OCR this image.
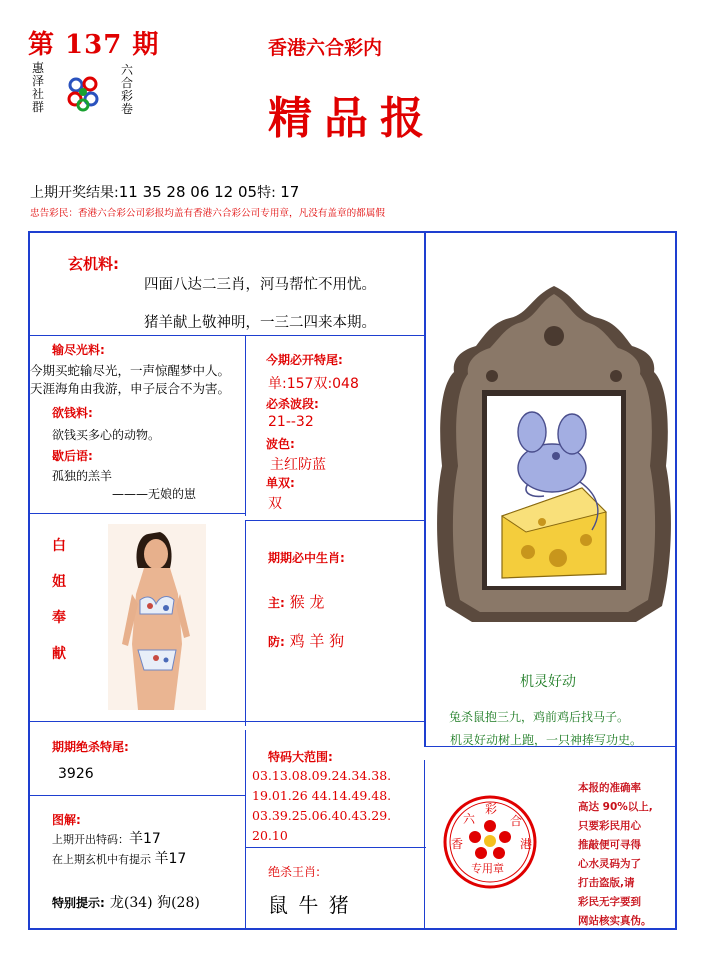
第 137 期
惠泽社群
六合彩卷
香港六合彩内
精品报
上期开奖结果:11 35 28 06 12 05特: 17
忠告彩民：香港六合彩公司彩报均盖有香港六合彩公司专用章，凡没有盖章的都属假
玄机料:
四面八达二三肖，河马帮忙不用忧。
猪羊献上敬神明，一三二四来本期。
输尽光料:
今期买蛇输尽光，一声惊醒梦中人。
天涯海角由我游，申子辰合不为害。
欲钱料:
欲钱买多心的动物。
歇后语:
孤独的羔羊
———无娘的崽
今期必开特尾:
单:157双:048
必杀波段:
21--32
波色:
主红防蓝
单双:
双
白
姐
奉
献
期期必中生肖:
主: 猴 龙
防: 鸡 羊 狗
机灵好动
兔杀鼠抱三九，鸡前鸡后找马子。
机灵好动树上跑，一只神捧写功史。
期期绝杀特尾:
3926
特码大范围:
03.13.08.09.24.34.38.
19.01.26 44.14.49.48.
03.39.25.06.40.43.29.
20.10
图解:
上期开出特码：羊17
在上期玄机中有提示 羊17
特别提示: 龙(34) 狗(28)
绝杀王肖:
鼠 牛 猪
六
彩
合
港
香
专用章
本报的准确率
高达 90%以上,
只要彩民用心
推敲便可寻得
心水灵码为了
打击盗版,请
彩民无字要到
网站核实真伪。
